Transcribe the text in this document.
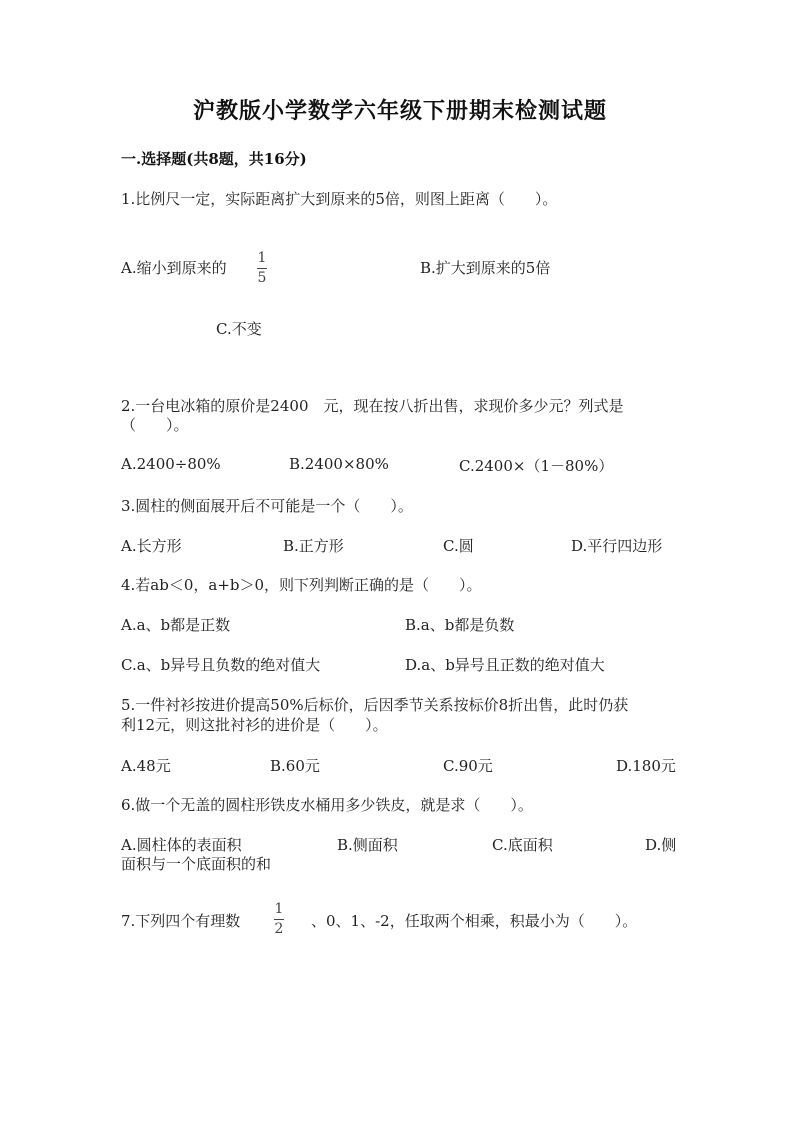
沪教版小学数学六年级下册期末检测试题
一.选择题(共8题，共16分)
1.比例尺一定，实际距离扩大到原来的5倍，则图上距离（　　）。
A.缩小到原来的
1
5
B.扩大到原来的5倍
C.不变
2.一台电冰箱的原价是2400　元，现在按八折出售，求现价多少元？列式是
（　　）。
A.2400÷80%	B.2400×80%	C.2400×（1－80%）
3.圆柱的侧面展开后不可能是一个（　　）。
A.长方形	B.正方形	C.圆	D.平行四边形
4.若ab＜0，a+b＞0，则下列判断正确的是（　　）。
A.a、b都是正数	B.a、b都是负数
C.a、b异号且负数的绝对值大	D.a、b异号且正数的绝对值大
5.一件衬衫按进价提高50%后标价，后因季节关系按标价8折出售，此时仍获
利12元，则这批衬衫的进价是（　　）。
A.48元	B.60元	C.90元	D.180元
6.做一个无盖的圆柱形铁皮水桶用多少铁皮，就是求（　　）。
A.圆柱体的表面积	B.侧面积	C.底面积	D.侧
面积与一个底面积的和
7.下列四个有理数
1
2 、0、1、-2，任取两个相乘，积最小为（　　）。
